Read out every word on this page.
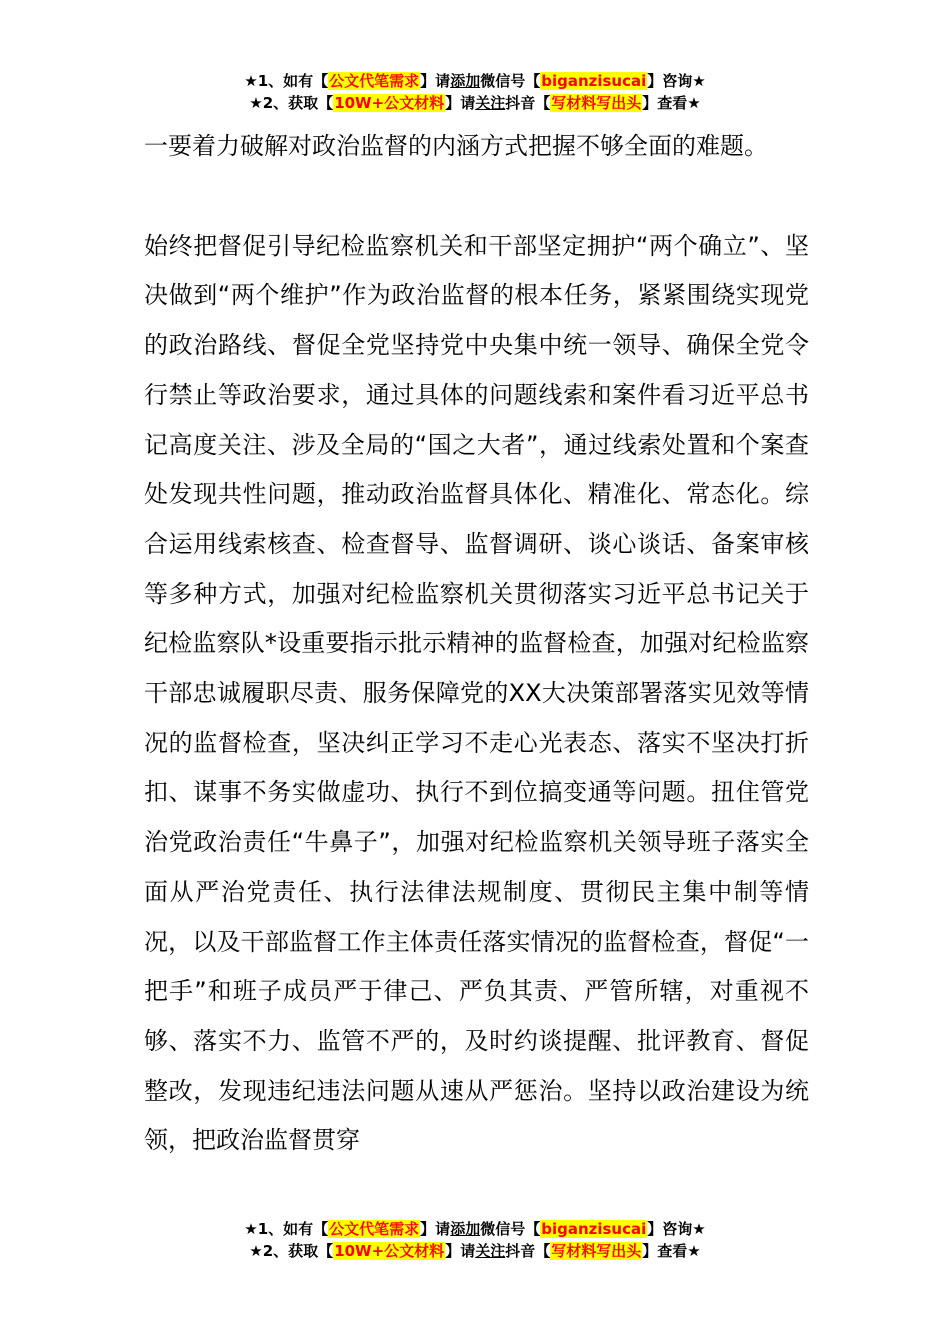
★1、如有【公文代笔需求】请添加微信号【biganzisucai】咨询★
★2、获取【10W+公文材料】请关注抖音【写材料写出头】查看★

一要着力破解对政治监督的内涵方式把握不够全面的难题。

始终把督促引导纪检监察机关和干部坚定拥护“两个确立”、坚决做到“两个维护”作为政治监督的根本任务，紧紧围绕实现党的政治路线、督促全党坚持党中央集中统一领导、确保全党令行禁止等政治要求，通过具体的问题线索和案件看习近平总书记高度关注、涉及全局的“国之大者”，通过线索处置和个案查处发现共性问题，推动政治监督具体化、精准化、常态化。综合运用线索核查、检查督导、监督调研、谈心谈话、备案审核等多种方式，加强对纪检监察机关贯彻落实习近平总书记关于纪检监察队*设重要指示批示精神的监督检查，加强对纪检监察干部忠诚履职尽责、服务保障党的XX大决策部署落实见效等情况的监督检查，坚决纠正学习不走心光表态、落实不坚决打折扣、谋事不务实做虚功、执行不到位搞变通等问题。扭住管党治党政治责任“牛鼻子”，加强对纪检监察机关领导班子落实全面从严治党责任、执行法律法规制度、贯彻民主集中制等情况，以及干部监督工作主体责任落实情况的监督检查，督促“一把手”和班子成员严于律己、严负其责、严管所辖，对重视不够、落实不力、监管不严的，及时约谈提醒、批评教育、督促整改，发现违纪违法问题从速从严惩治。坚持以政治建设为统领，把政治监督贯穿

★1、如有【公文代笔需求】请添加微信号【biganzisucai】咨询★
★2、获取【10W+公文材料】请关注抖音【写材料写出头】查看★
